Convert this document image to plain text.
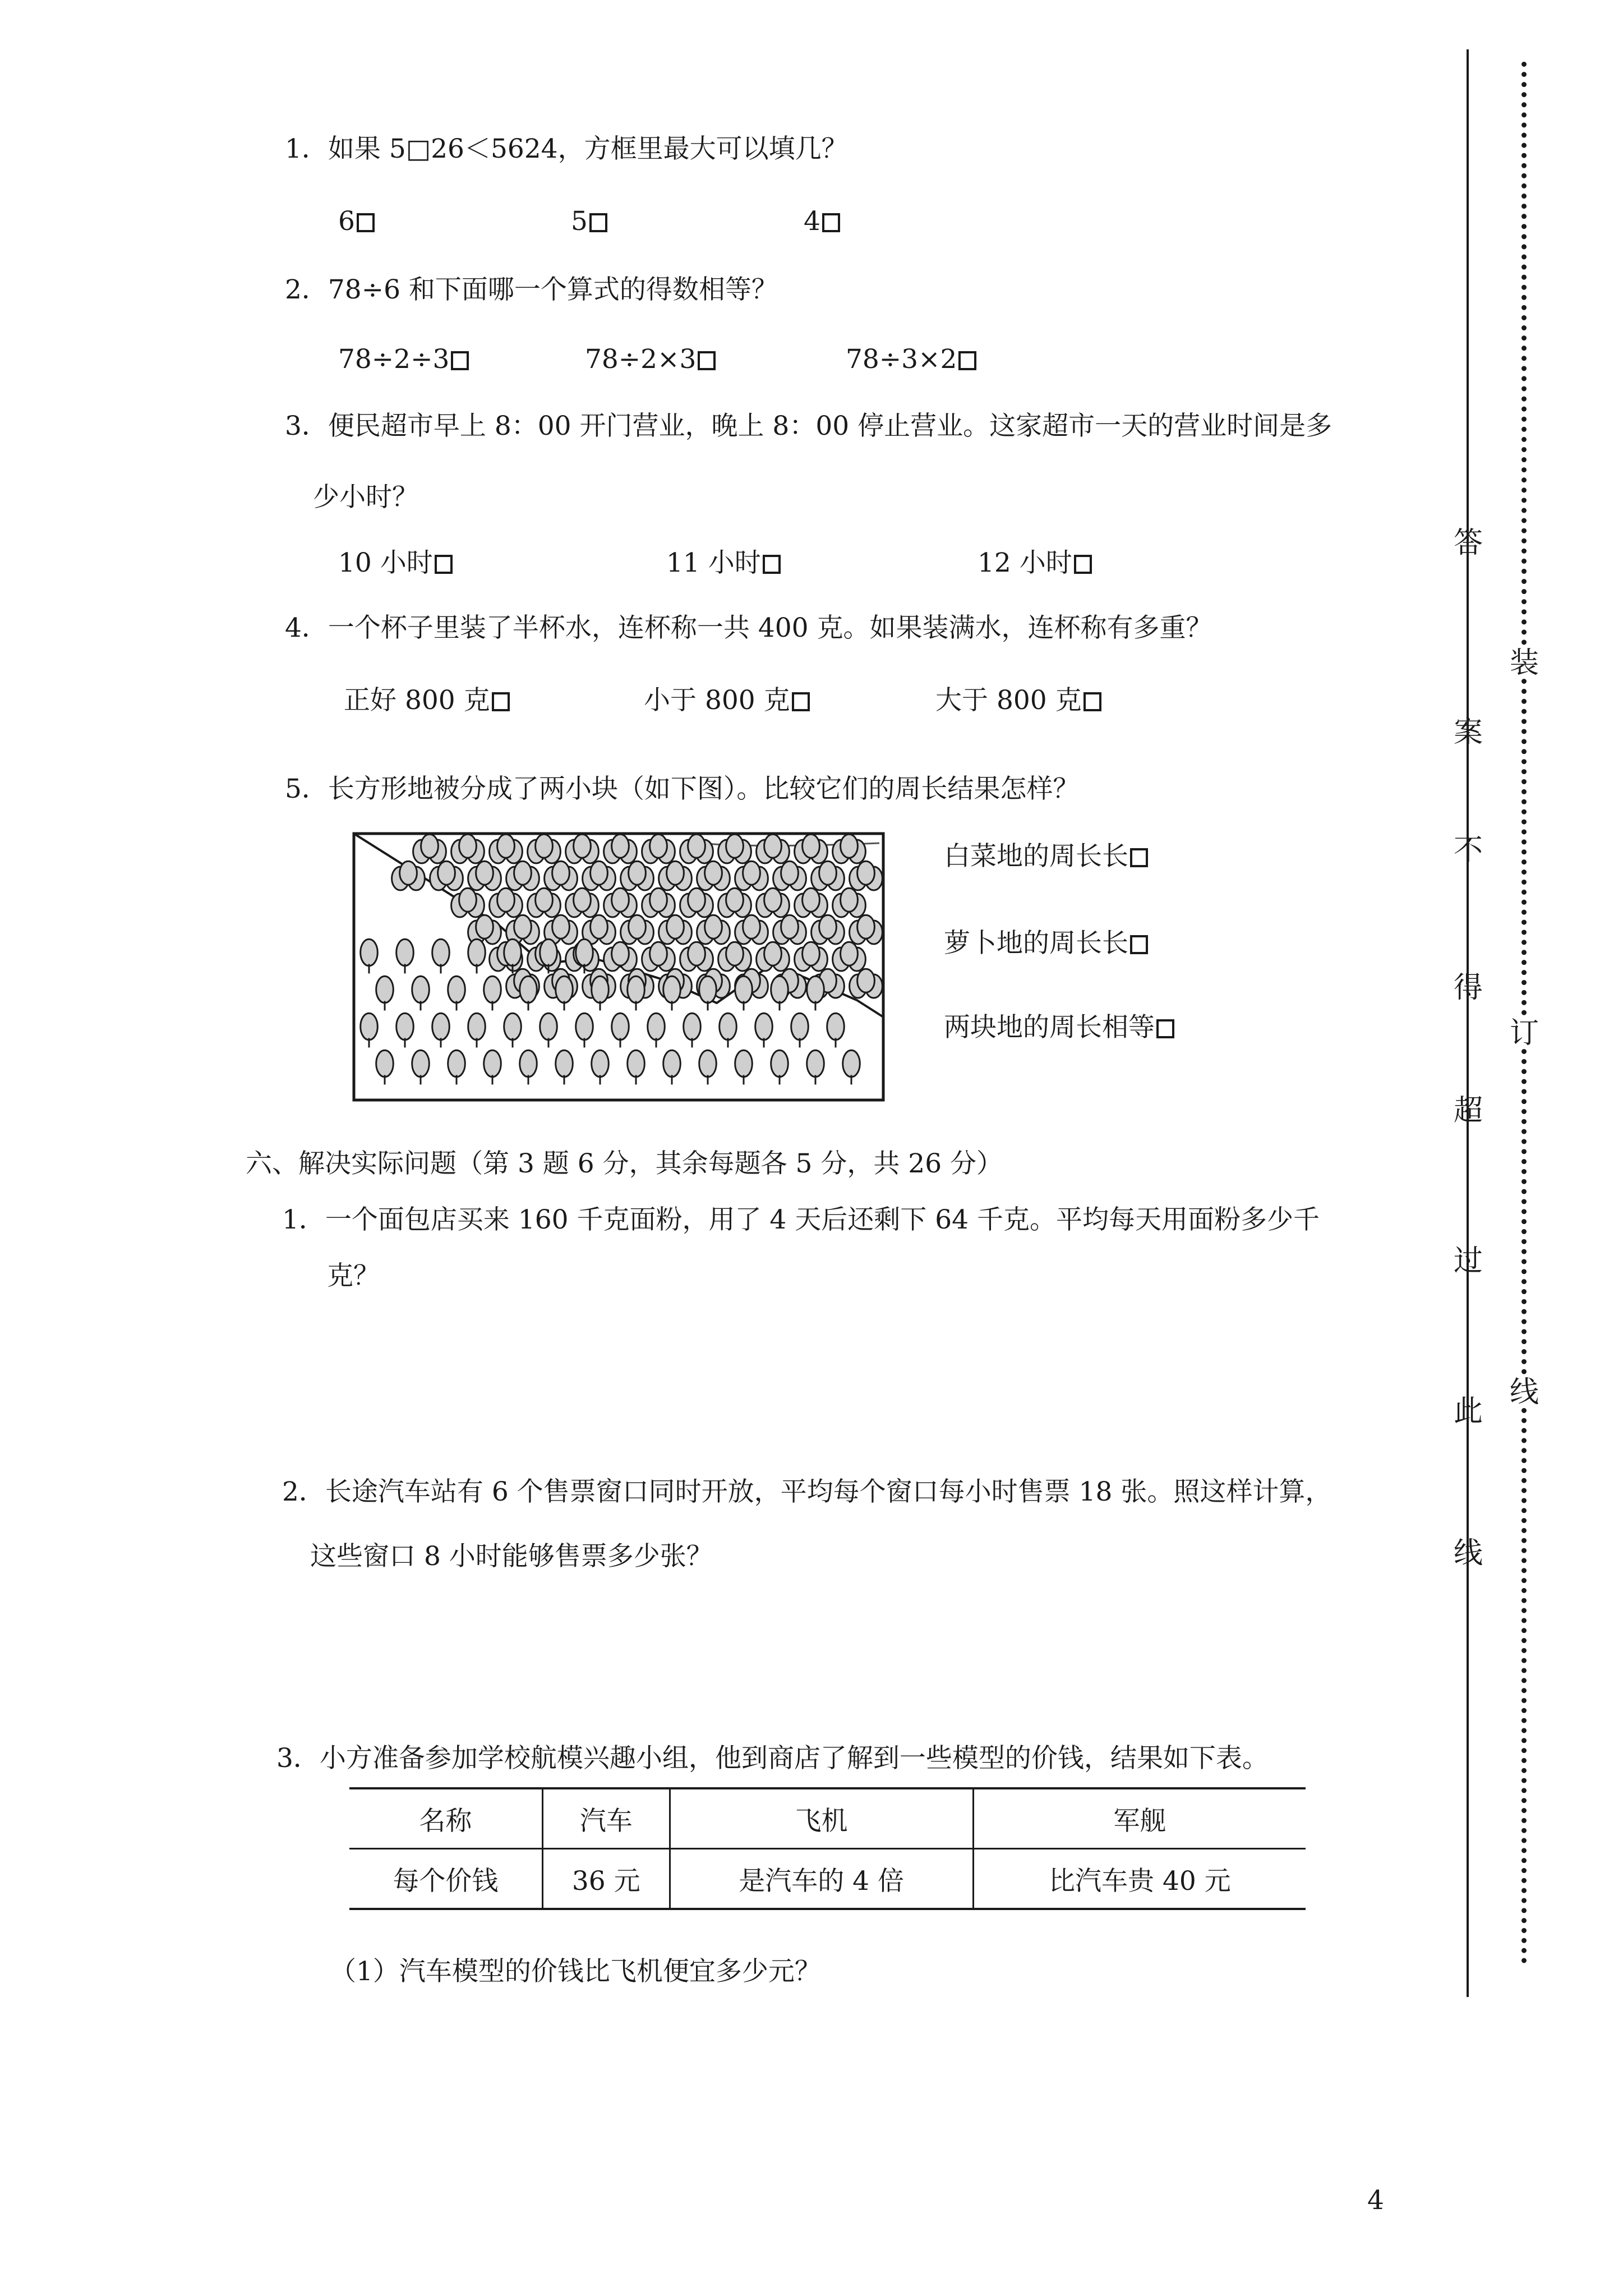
1．如果 5□26＜5624，方框里最大可以填几？
6	5	4
2．78÷6 和下面哪一个算式的得数相等？
78÷2÷3	78÷2×3	78÷3×2
3．便民超市早上 8：00 开门营业，晚上 8：00 停止营业。这家超市一天的营业时间是多
少小时？
10 小时	11 小时	12 小时
4．一个杯子里装了半杯水，连杯称一共 400 克。如果装满水，连杯称有多重？
正好 800 克	小于 800 克	大于 800 克
5．长方形地被分成了两小块（如下图）。比较它们的周长结果怎样？
白菜地的周长长
萝卜地的周长长
两块地的周长相等
六、解决实际问题（第 3 题 6 分，其余每题各 5 分，共 26 分）
1．一个面包店买来 160 千克面粉，用了 4 天后还剩下 64 千克。平均每天用面粉多少千
克？
2．长途汽车站有 6 个售票窗口同时开放，平均每个窗口每小时售票 18 张。照这样计算，
这些窗口 8 小时能够售票多少张？
3．小方准备参加学校航模兴趣小组，他到商店了解到一些模型的价钱，结果如下表。
名称	汽车	飞机	军舰
每个价钱	36 元	是汽车的 4 倍	比汽车贵 40 元
（1）汽车模型的价钱比飞机便宜多少元？
装
订
线
答
案
不
得
超
过
此
线
4
